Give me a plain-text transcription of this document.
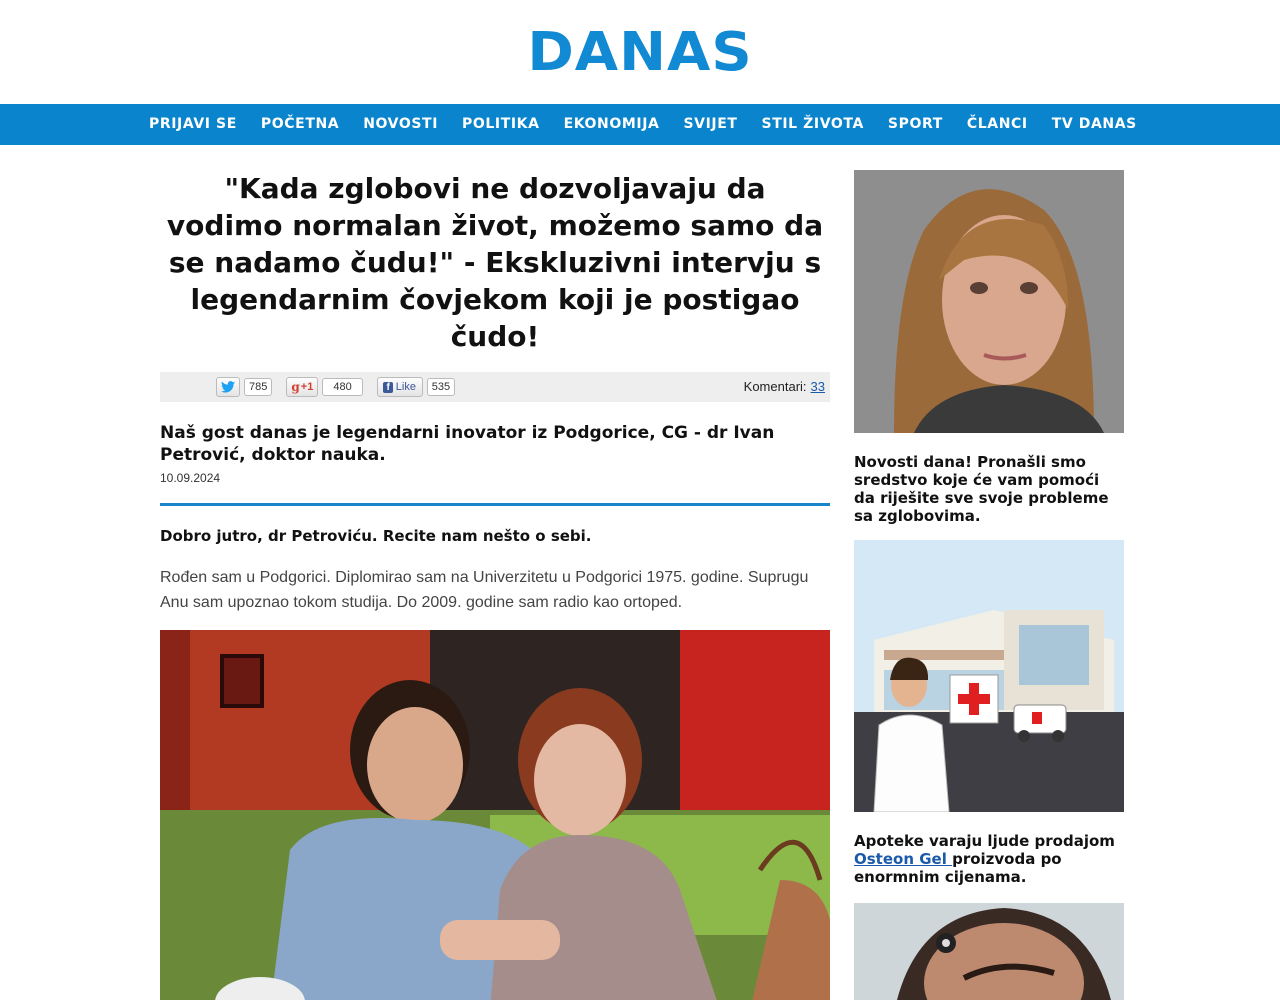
DANAS
PRIJAVI SE	POČETNA	NOVOSTI	POLITIKA	EKONOMIJA	SVIJET	STIL ŽIVOTA	SPORT	ČLANCI	TV DANAS
"Kada zglobovi ne dozvoljavaju da vodimo normalan život, možemo samo da se nadamo čudu!" - Ekskluzivni intervju s legendarnim čovjekom koji je postigao čudo!
785	g +1	480	f Like	535	Komentari: 33
Naš gost danas je legendarni inovator iz Podgorice, CG - dr Ivan Petrović, doktor nauka.
10.09.2024

Dobro jutro, dr Petroviću. Recite nam nešto o sebi.

Rođen sam u Podgorici. Diplomirao sam na Univerzitetu u Podgorici 1975. godine. Suprugu Anu sam upoznao tokom studija. Do 2009. godine sam radio kao ortoped.

Novosti dana! Pronašli smo sredstvo koje će vam pomoći da riješite sve svoje probleme sa zglobovima.

Apoteke varaju ljude prodajom Osteon Gel proizvoda po enormnim cijenama.
